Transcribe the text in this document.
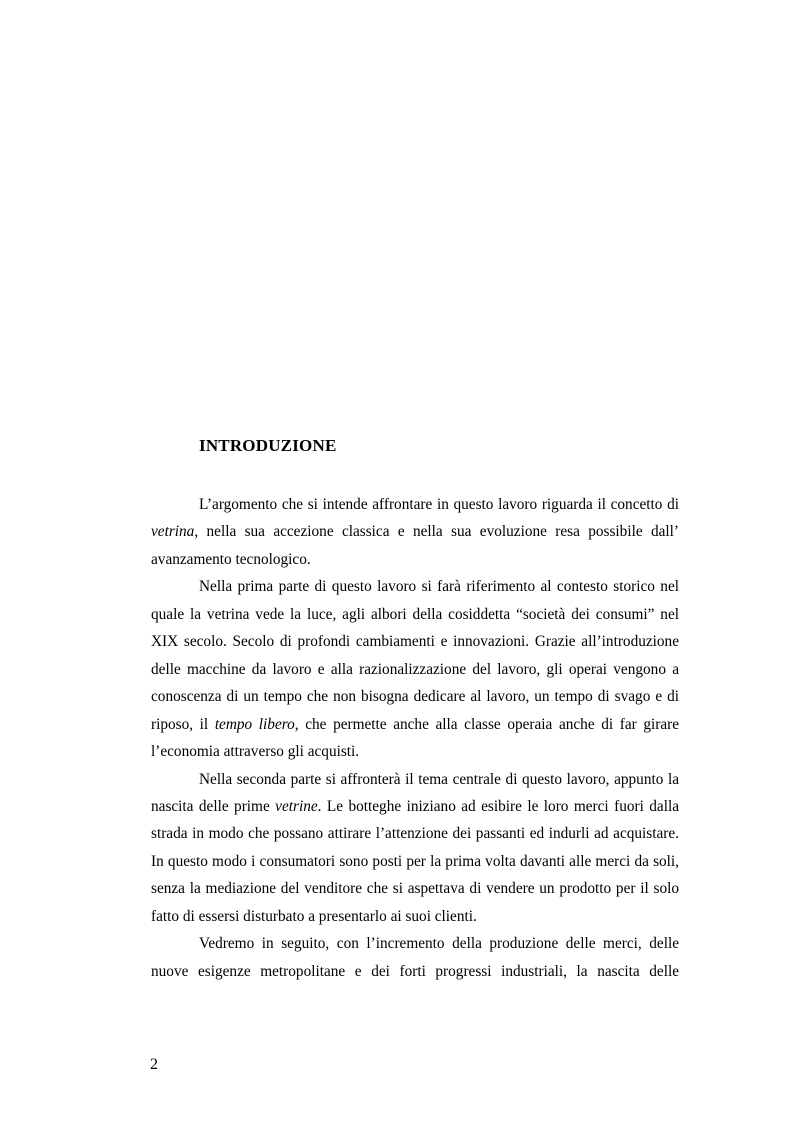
INTRODUZIONE

L’argomento che si intende affrontare in questo lavoro riguarda il concetto di vetrina, nella sua accezione classica e nella sua evoluzione resa possibile dall’ avanzamento tecnologico.

Nella prima parte di questo lavoro si farà riferimento al contesto storico nel quale la vetrina vede la luce, agli albori della cosiddetta “società dei consumi” nel XIX secolo. Secolo di profondi cambiamenti e innovazioni. Grazie all’introduzione delle macchine da lavoro e alla razionalizzazione del lavoro, gli operai vengono a conoscenza di un tempo che non bisogna dedicare al lavoro, un tempo di svago e di riposo, il tempo libero, che permette anche alla classe operaia anche di far girare l’economia attraverso gli acquisti.

Nella seconda parte si affronterà il tema centrale di questo lavoro, appunto la nascita delle prime vetrine. Le botteghe iniziano ad esibire le loro merci fuori dalla strada in modo che possano attirare l’attenzione dei passanti ed indurli ad acquistare. In questo modo i consumatori sono posti per la prima volta davanti alle merci da soli, senza la mediazione del venditore che si aspettava di vendere un prodotto per il solo fatto di essersi disturbato a presentarlo ai suoi clienti.

Vedremo in seguito, con l’incremento della produzione delle merci, delle nuove esigenze metropolitane e dei forti progressi industriali, la nascita delle

2
